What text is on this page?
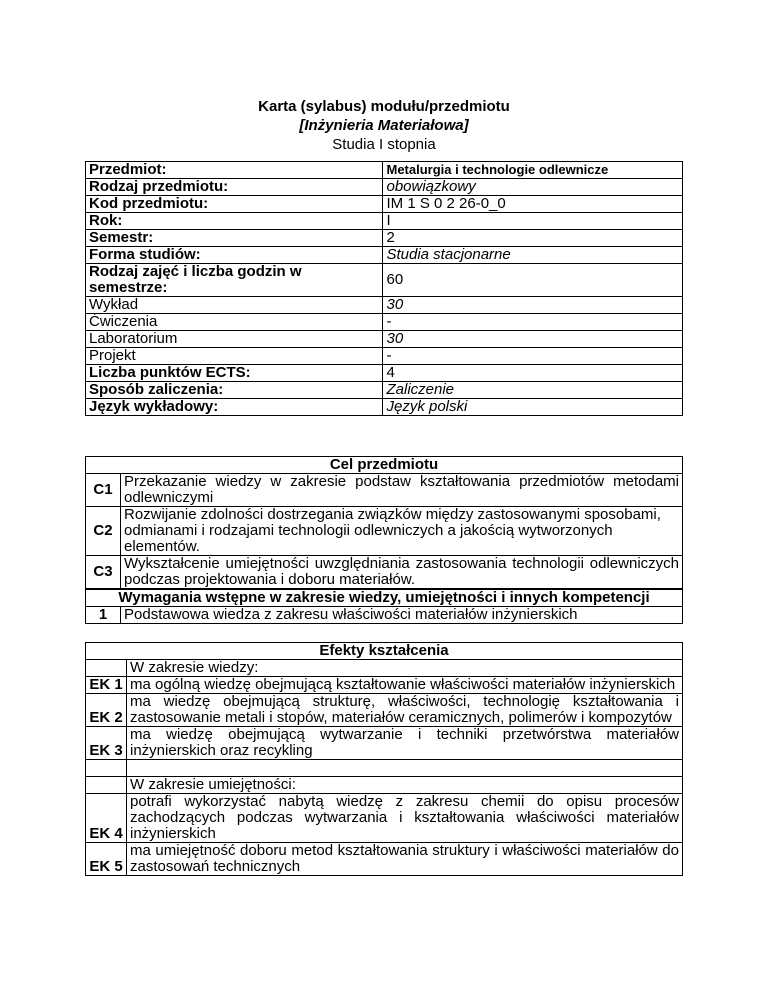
Karta (sylabus) modułu/przedmiotu
[Inżynieria Materiałowa]
Studia I stopnia
Przedmiot:	Metalurgia i technologie odlewnicze
Rodzaj przedmiotu:	obowiązkowy
Kod przedmiotu:	IM 1 S 0 2 26-0_0
Rok:	I
Semestr:	2
Forma studiów:	Studia stacjonarne
Rodzaj zajęć i liczba godzin w semestrze:	60
Wykład	30
Ćwiczenia	-
Laboratorium	30
Projekt	-
Liczba punktów ECTS:	4
Sposób zaliczenia:	Zaliczenie
Język wykładowy:	Język polski
Cel przedmiotu	
C1	Przekazanie wiedzy w zakresie podstaw kształtowania przedmiotów metodami odlewniczymi
C2	Rozwijanie zdolności dostrzegania związków między zastosowanymi sposobami, odmianami i rodzajami technologii odlewniczych a jakością wytworzonych elementów.
C3	Wykształcenie umiejętności uwzględniania zastosowania technologii odlewniczych podczas projektowania i doboru materiałów.
Wymagania wstępne w zakresie wiedzy, umiejętności i innych kompetencji
1	Podstawowa wiedza z zakresu właściwości materiałów inżynierskich
Efekty kształcenia	
	W zakresie wiedzy:
EK 1	ma ogólną wiedzę obejmującą kształtowanie właściwości materiałów inżynierskich
EK 2	ma wiedzę obejmującą strukturę, właściwości, technologię kształtowania i zastosowanie metali i stopów, materiałów ceramicznych, polimerów i kompozytów
EK 3	ma wiedzę obejmującą wytwarzanie i techniki przetwórstwa materiałów inżynierskich oraz recykling

	W zakresie umiejętności:
EK 4	potrafi wykorzystać nabytą wiedzę z zakresu chemii do opisu procesów zachodzących podczas wytwarzania i kształtowania właściwości materiałów inżynierskich
EK 5	ma umiejętność doboru metod kształtowania struktury i właściwości materiałów do zastosowań technicznych
